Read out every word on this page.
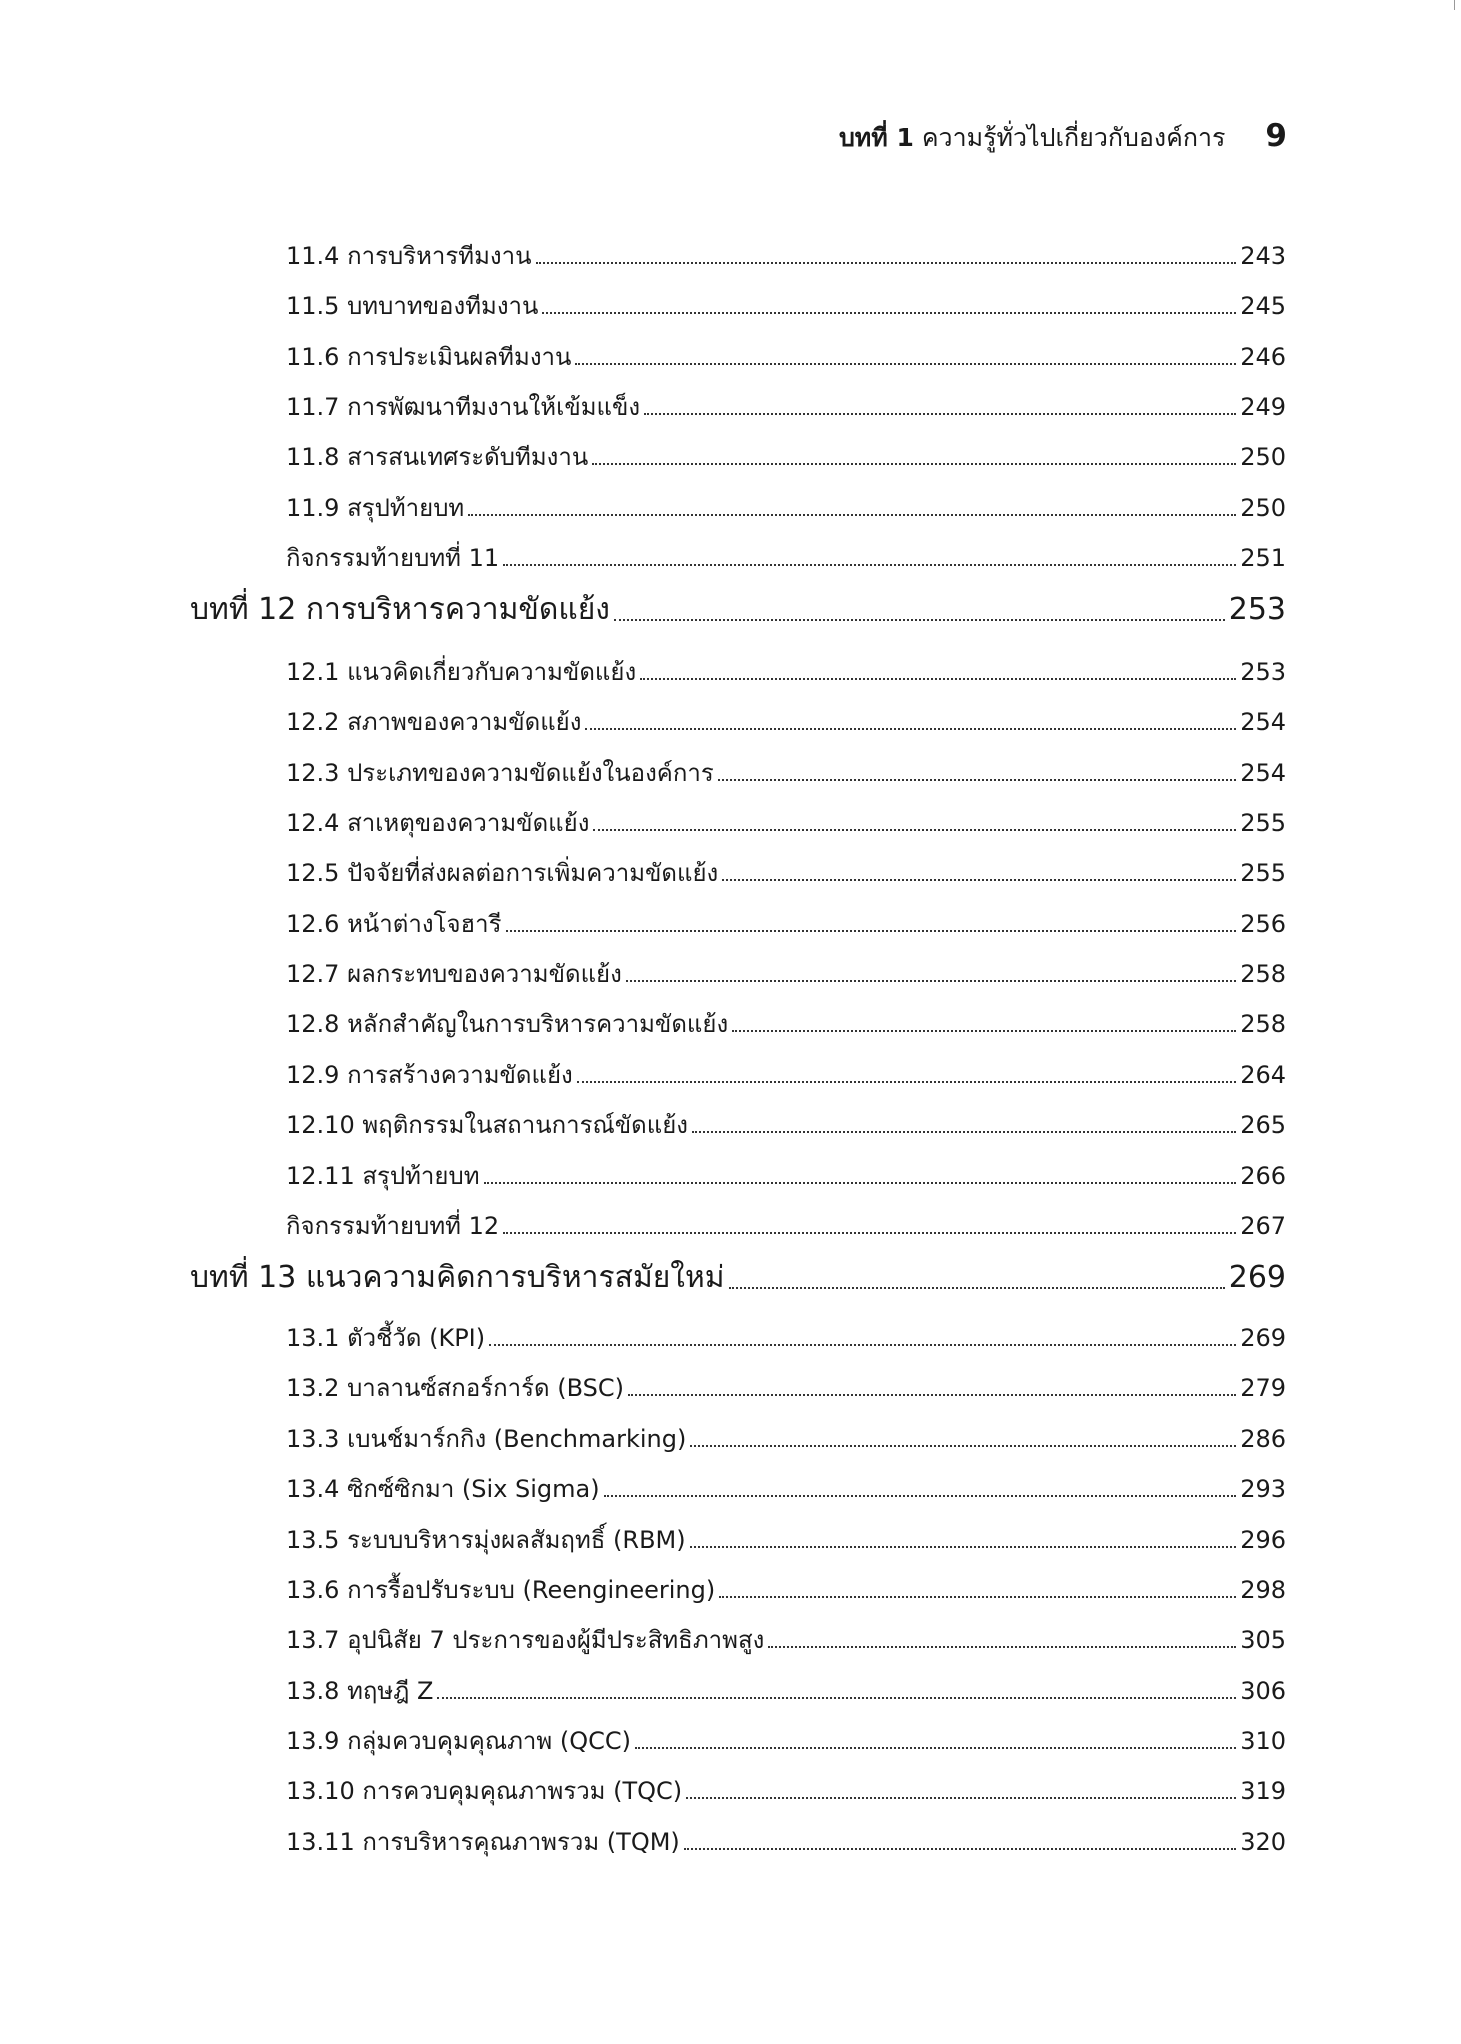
บทที่ 1 ความรู้ทั่วไปเกี่ยวกับองค์การ 9
11.4 การบริหารทีมงาน	243
11.5 บทบาทของทีมงาน	245
11.6 การประเมินผลทีมงาน	246
11.7 การพัฒนาทีมงานให้เข้มแข็ง	249
11.8 สารสนเทศระดับทีมงาน	250
11.9 สรุปท้ายบท	250
กิจกรรมท้ายบทที่ 11	251
บทที่ 12 การบริหารความขัดแย้ง	253
12.1 แนวคิดเกี่ยวกับความขัดแย้ง	253
12.2 สภาพของความขัดแย้ง	254
12.3 ประเภทของความขัดแย้งในองค์การ	254
12.4 สาเหตุของความขัดแย้ง	255
12.5 ปัจจัยที่ส่งผลต่อการเพิ่มความขัดแย้ง	255
12.6 หน้าต่างโจฮารี	256
12.7 ผลกระทบของความขัดแย้ง	258
12.8 หลักสำคัญในการบริหารความขัดแย้ง	258
12.9 การสร้างความขัดแย้ง	264
12.10 พฤติกรรมในสถานการณ์ขัดแย้ง	265
12.11 สรุปท้ายบท	266
กิจกรรมท้ายบทที่ 12	267
บทที่ 13 แนวความคิดการบริหารสมัยใหม่	269
13.1 ตัวชี้วัด (KPI)	269
13.2 บาลานซ์สกอร์การ์ด (BSC)	279
13.3 เบนช์มาร์กกิง (Benchmarking)	286
13.4 ซิกซ์ซิกมา (Six Sigma)	293
13.5 ระบบบริหารมุ่งผลสัมฤทธิ์ (RBM)	296
13.6 การรื้อปรับระบบ (Reengineering)	298
13.7 อุปนิสัย 7 ประการของผู้มีประสิทธิภาพสูง	305
13.8 ทฤษฎี Z	306
13.9 กลุ่มควบคุมคุณภาพ (QCC)	310
13.10 การควบคุมคุณภาพรวม (TQC)	319
13.11 การบริหารคุณภาพรวม (TQM)	320
